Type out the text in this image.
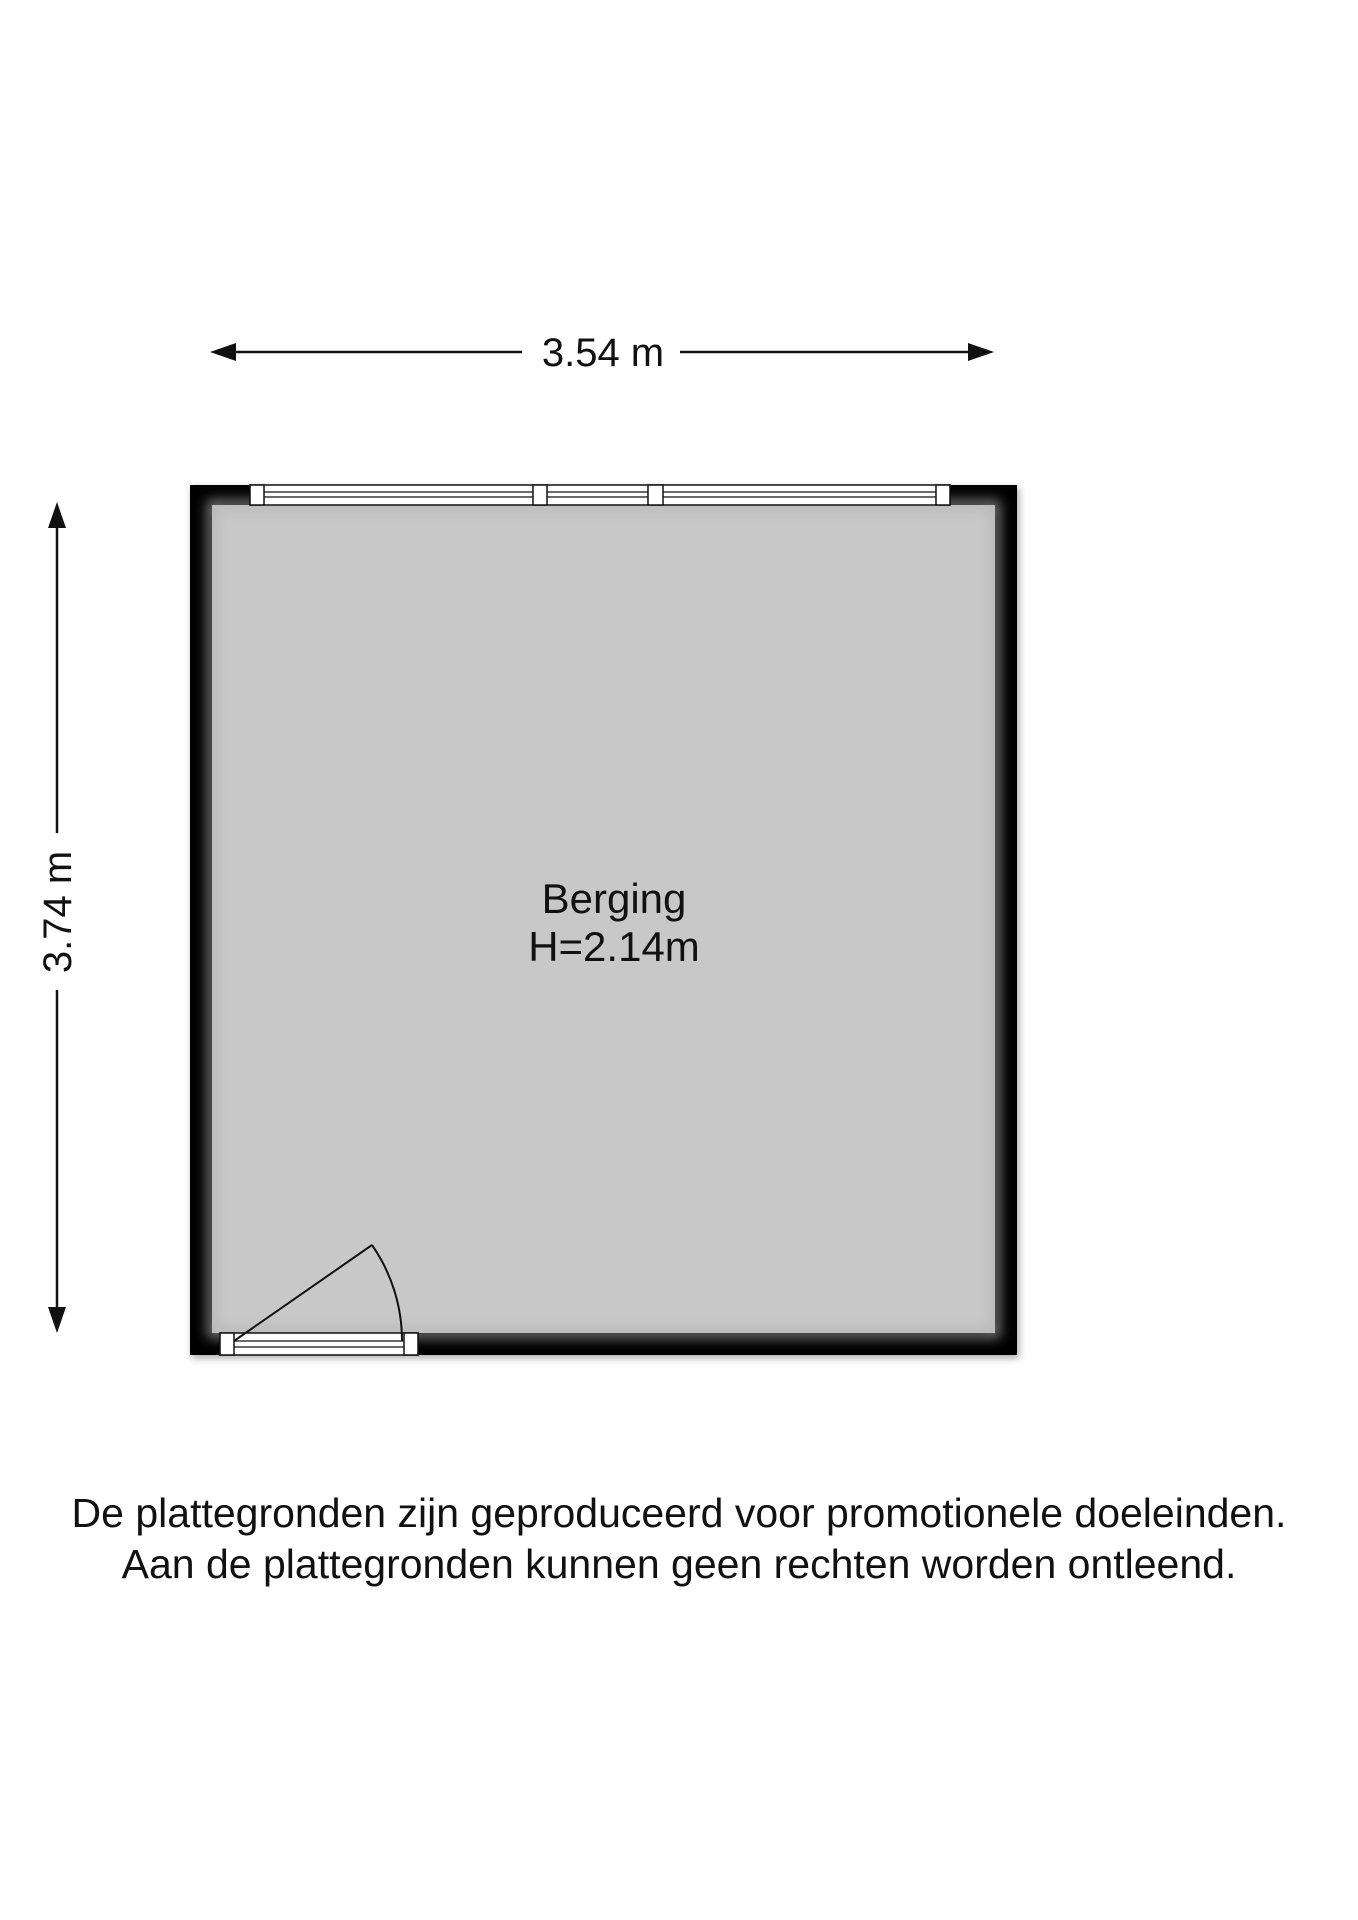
3.54 m
3.74 m	Berging
H=2.14m
De plattegronden zijn geproduceerd voor promotionele doeleinden.
Aan de plattegronden kunnen geen rechten worden ontleend.
